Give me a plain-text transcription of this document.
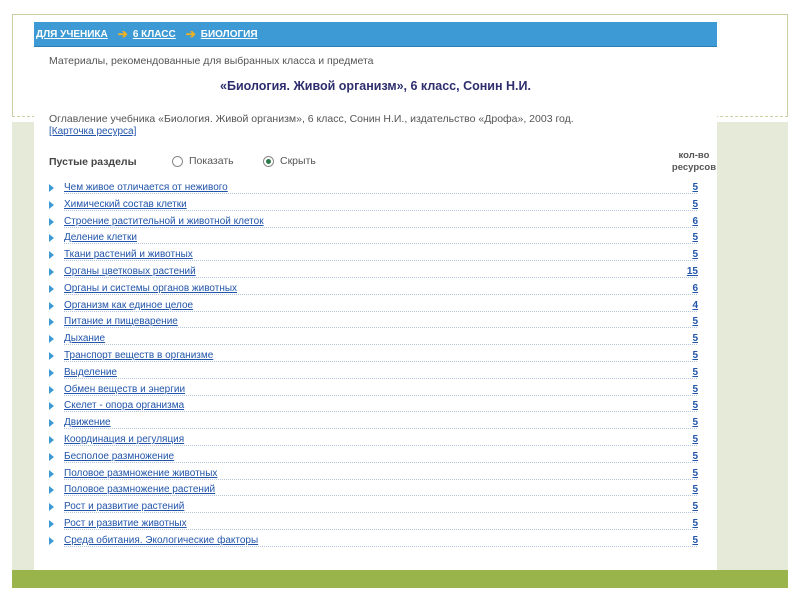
ДЛЯ УЧЕНИКА ➔ 6 КЛАСС ➔ БИОЛОГИЯ
Материалы, рекомендованные для выбранных класса и предмета
«Биология. Живой организм», 6 класс, Сонин Н.И.
Оглавление учебника «Биология. Живой организм», 6 класс, Сонин Н.И., издательство «Дрофа», 2003 год.
[Карточка ресурса]
Пустые разделы	Показать	Скрыть	кол-во ресурсов
Чем живое отличается от неживого	5
Химический состав клетки	5
Строение растительной и животной клеток	6
Деление клетки	5
Ткани растений и животных	5
Органы цветковых растений	15
Органы и системы органов животных	6
Организм как единое целое	4
Питание и пищеварение	5
Дыхание	5
Транспорт веществ в организме	5
Выделение	5
Обмен веществ и энергии	5
Скелет - опора организма	5
Движение	5
Координация и регуляция	5
Бесполое размножение	5
Половое размножение животных	5
Половое размножение растений	5
Рост и развитие растений	5
Рост и развитие животных	5
Среда обитания. Экологические факторы	5
